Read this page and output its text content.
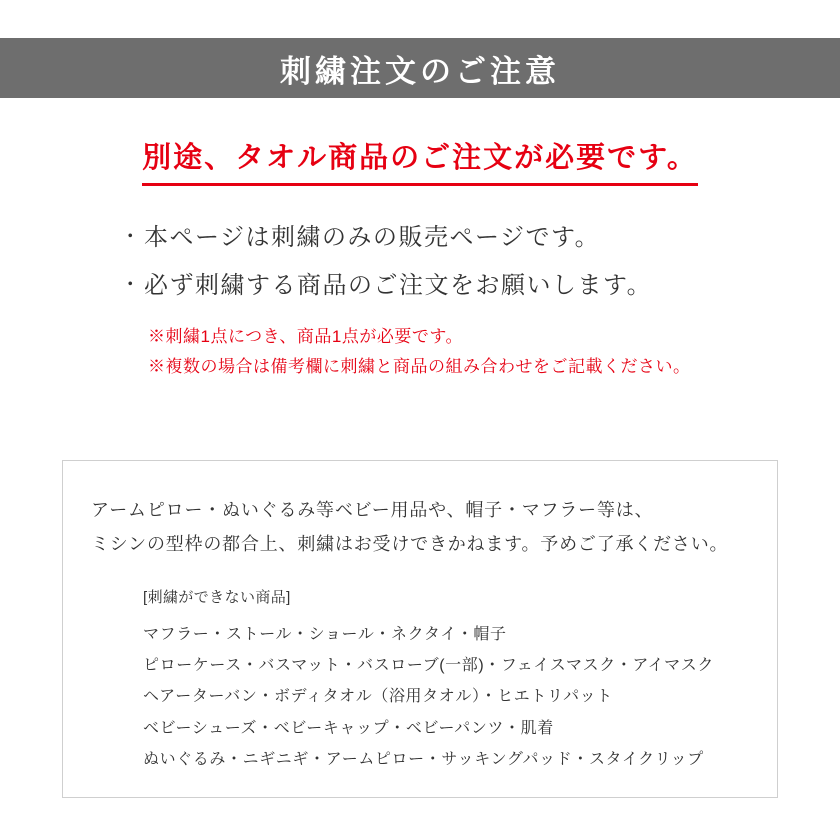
刺繍注文のご注意
別途、タオル商品のご注文が必要です。
・ 本ページは刺繍のみの販売ページです。
・ 必ず刺繍する商品のご注文をお願いします。
※刺繍1点につき、商品1点が必要です。
※複数の場合は備考欄に刺繍と商品の組み合わせをご記載ください。
アームピロー・ぬいぐるみ等ベビー用品や、帽子・マフラー等は、
ミシンの型枠の都合上、刺繍はお受けできかねます。予めご了承ください。
[刺繍ができない商品]
マフラー・ストール・ショール・ネクタイ・帽子
ピローケース・バスマット・バスローブ(一部)・フェイスマスク・アイマスク
ヘアーターバン・ボディタオル（浴用タオル）・ヒエトリパット
ベビーシューズ・ベビーキャップ・ベビーパンツ・肌着
ぬいぐるみ・ニギニギ・アームピロー・サッキングパッド・スタイクリップ
